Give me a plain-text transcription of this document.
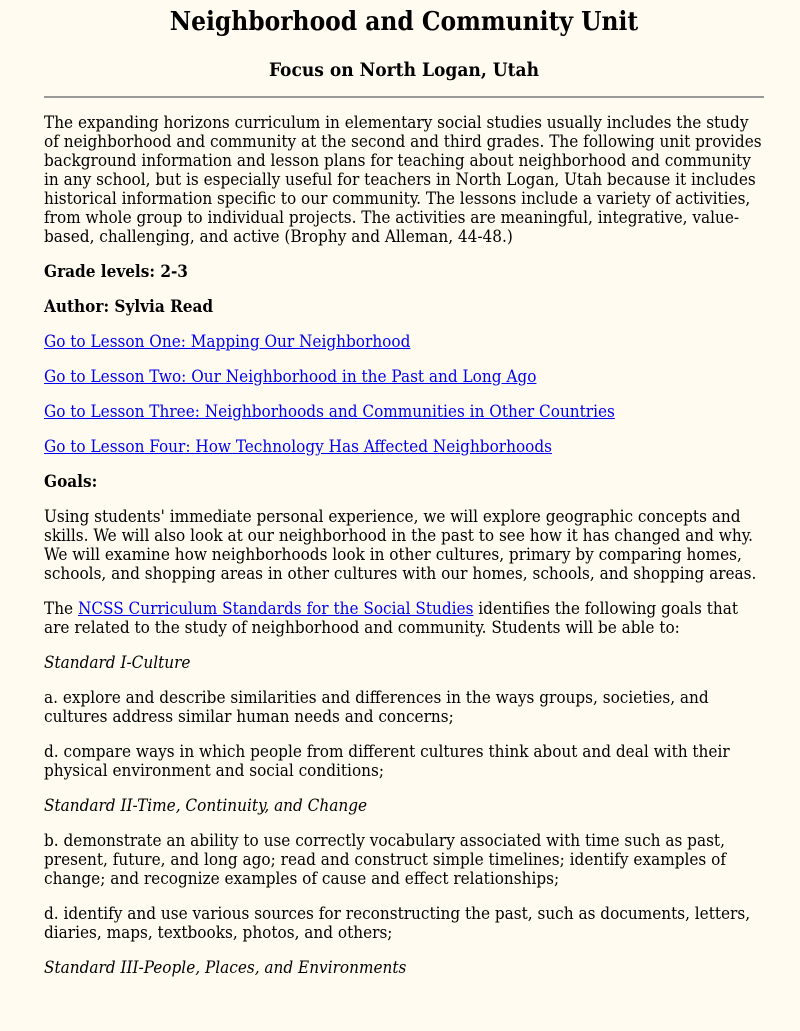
Neighborhood and Community Unit
Focus on North Logan, Utah

The expanding horizons curriculum in elementary social studies usually includes the study of neighborhood and community at the second and third grades. The following unit provides background information and lesson plans for teaching about neighborhood and community in any school, but is especially useful for teachers in North Logan, Utah because it includes historical information specific to our community. The lessons include a variety of activities, from whole group to individual projects. The activities are meaningful, integrative, value-based, challenging, and active (Brophy and Alleman, 44-48.)

Grade levels: 2-3

Author: Sylvia Read

Go to Lesson One: Mapping Our Neighborhood

Go to Lesson Two: Our Neighborhood in the Past and Long Ago

Go to Lesson Three: Neighborhoods and Communities in Other Countries

Go to Lesson Four: How Technology Has Affected Neighborhoods

Goals:

Using students' immediate personal experience, we will explore geographic concepts and skills. We will also look at our neighborhood in the past to see how it has changed and why. We will examine how neighborhoods look in other cultures, primary by comparing homes, schools, and shopping areas in other cultures with our homes, schools, and shopping areas.

The NCSS Curriculum Standards for the Social Studies identifies the following goals that are related to the study of neighborhood and community. Students will be able to:

Standard I-Culture

a. explore and describe similarities and differences in the ways groups, societies, and cultures address similar human needs and concerns;

d. compare ways in which people from different cultures think about and deal with their physical environment and social conditions;

Standard II-Time, Continuity, and Change

b. demonstrate an ability to use correctly vocabulary associated with time such as past, present, future, and long ago; read and construct simple timelines; identify examples of change; and recognize examples of cause and effect relationships;

d. identify and use various sources for reconstructing the past, such as documents, letters, diaries, maps, textbooks, photos, and others;

Standard III-People, Places, and Environments
